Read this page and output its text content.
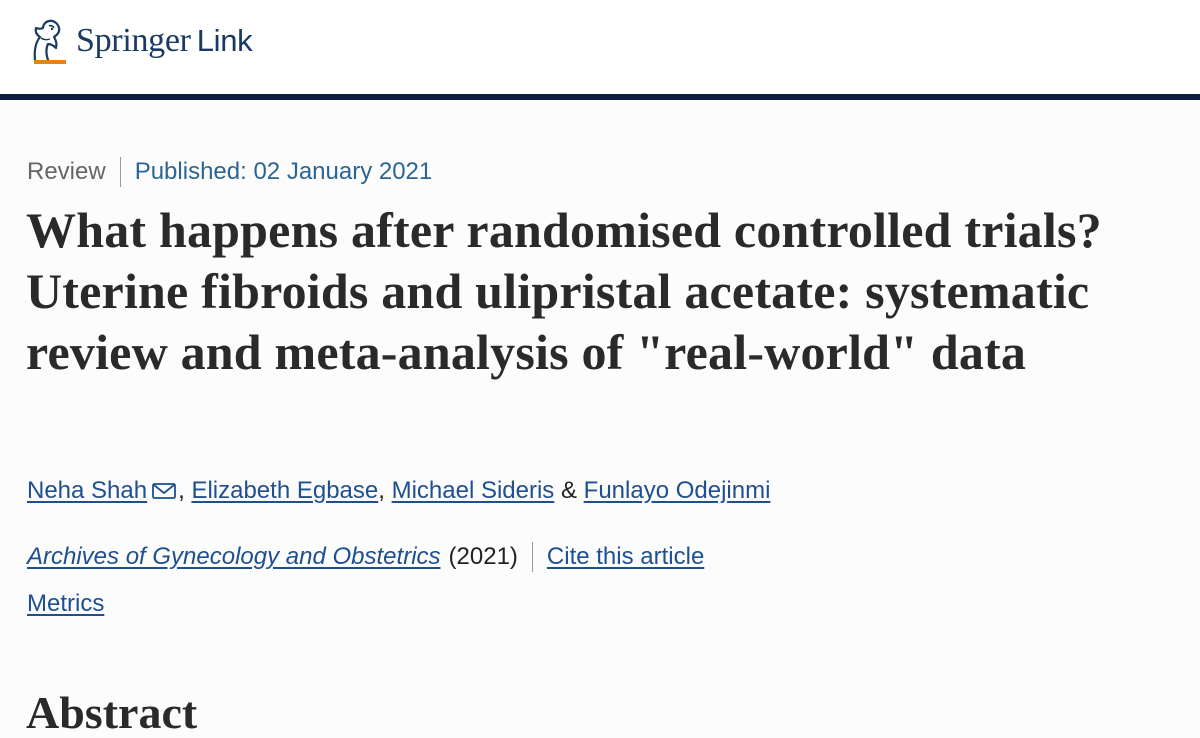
Springer Link
Review Published: 02 January 2021
What happens after randomised controlled trials? Uterine fibroids and ulipristal acetate: systematic review and meta-analysis of "real-world" data
Neha Shah , Elizabeth Egbase , Michael Sideris & Funlayo Odejinmi
Archives of Gynecology and Obstetrics (2021) Cite this article
Metrics
Abstract
